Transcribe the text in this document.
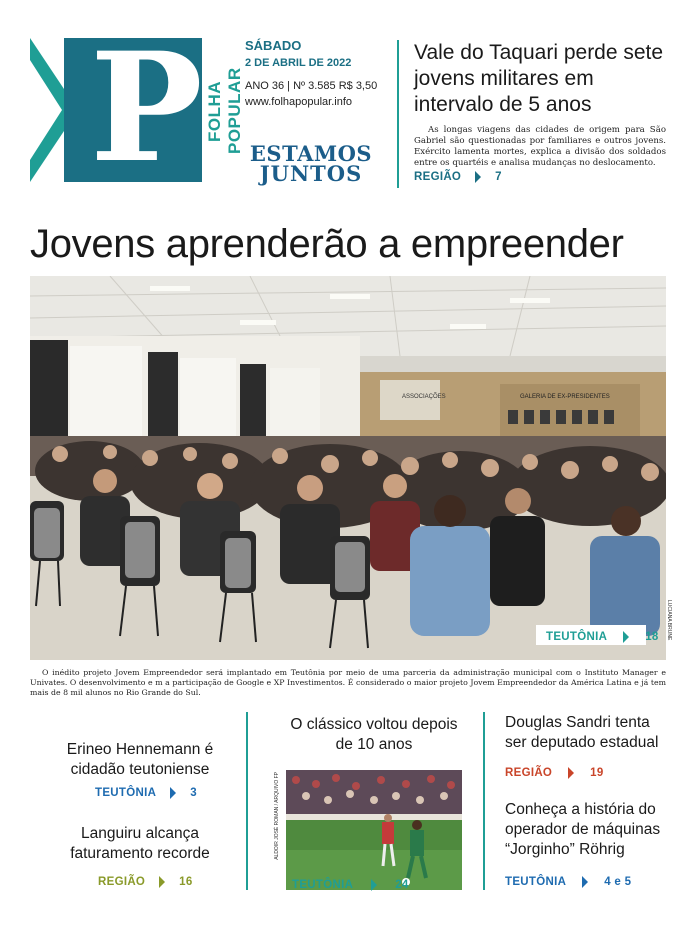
P FOLHA POPULAR
SÁBADO
2 DE ABRIL DE 2022
ANO 36 | Nº 3.585 R$ 3,50
www.folhapopular.info
ESTAMOS
JUNTOS
Vale do Taquari perde sete jovens militares em intervalo de 5 anos
As longas viagens das cidades de origem para São Gabriel são questionadas por familiares e outros jovens. Exército lamenta mortes, explica a divisão dos soldados entre os quartéis e analisa mudanças no deslocamento.
REGIÃO	7
Jovens aprenderão a empreender
ASSOCIAÇÕES	GALERIA DE EX-PRESIDENTES
TEUTÔNIA	18 LUCIANA BRUNE
O inédito projeto Jovem Empreendedor será implantado em Teutônia por meio de uma parceria da administração municipal com o Instituto Manager e Univates. O desenvolvimento e m a participação de Google e XP Investimentos. É considerado o maior projeto Jovem Empreendedor da América Latina e já tem mais de 8 mil alunos no Rio Grande do Sul.
Erineo Hennemann é cidadão teutoniense
TEUTÔNIA	3
Languiru alcança faturamento recorde
REGIÃO	16
O clássico voltou depois de 10 anos
ALDOIR JOSÉ ROMAN / ARQUIVO FP
TEUTÔNIA	24
Douglas Sandri tenta ser deputado estadual
REGIÃO	19
Conheça a história do operador de máquinas “Jorginho” Röhrig
TEUTÔNIA	4 e 5
